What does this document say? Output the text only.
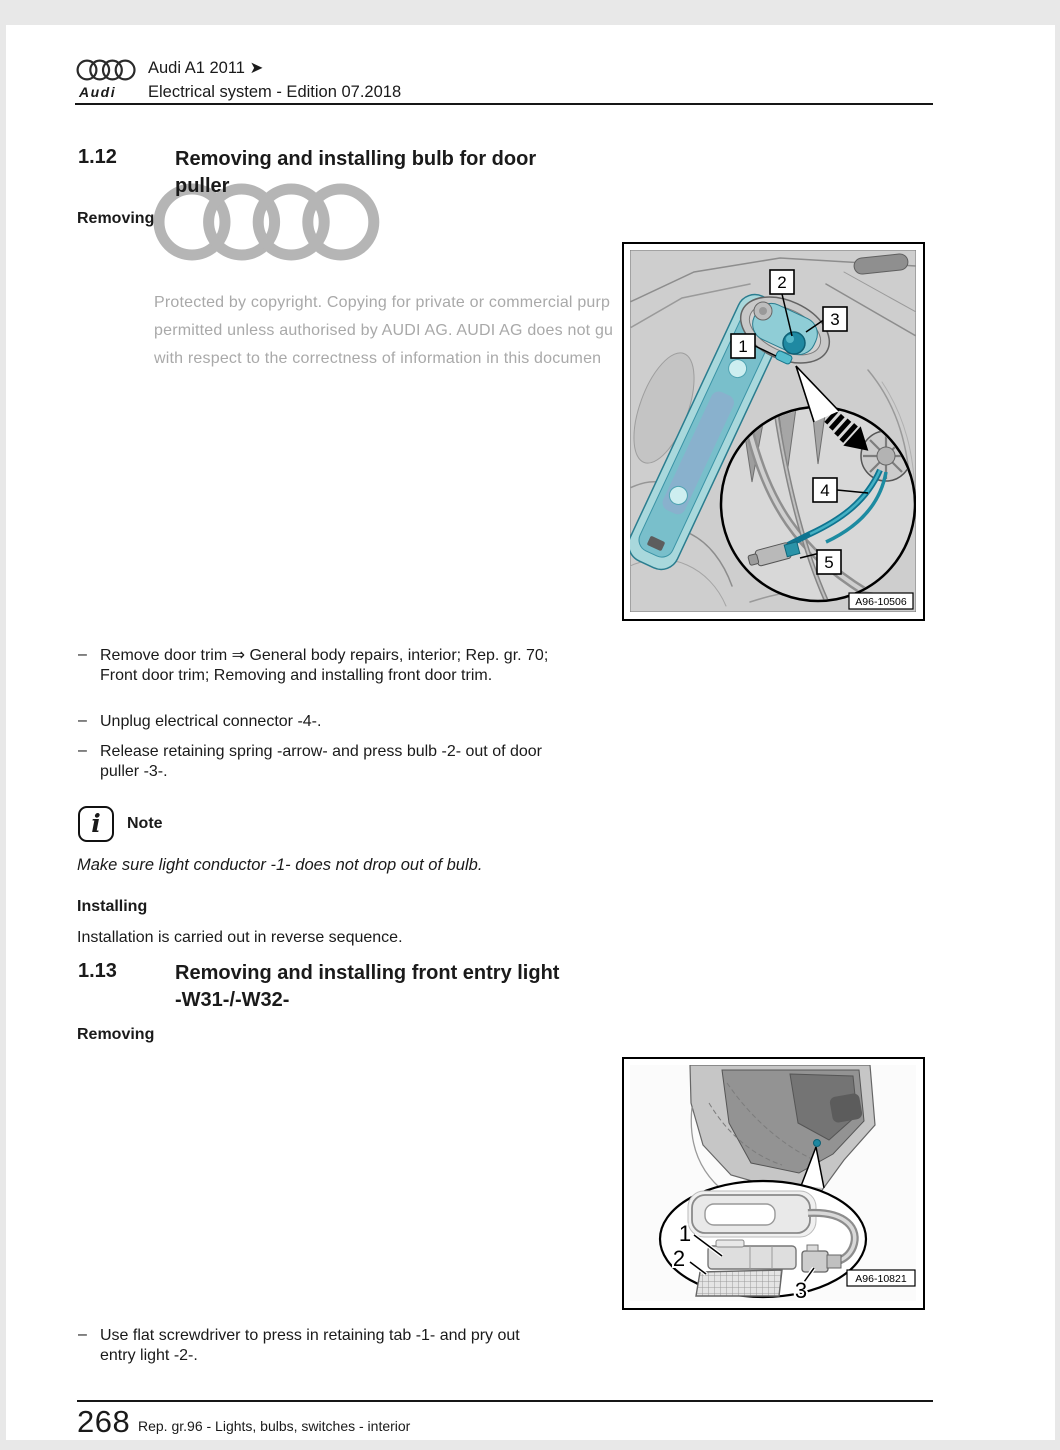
Audi
Audi A1 2011 ➤
Electrical system - Edition 07.2018
1.12	Removing and installing bulb for door puller
Removing
Protected by copyright. Copying for private or commercial purp
permitted unless authorised by AUDI AG. AUDI AG does not gu
with respect to the correctness of information in this documen
2
3
1
4
5
A96-10506
– Remove door trim ⇒ General body repairs, interior; Rep. gr. 70; Front door trim; Removing and installing front door trim.
– Unplug electrical connector -4-.
– Release retaining spring -arrow- and press bulb -2- out of door puller -3-.
i	Note
Make sure light conductor -1- does not drop out of bulb.
Installing
Installation is carried out in reverse sequence.
1.13	Removing and installing front entry light -W31-/-W32-
Removing
1
2
3	A96-10821
– Use flat screwdriver to press in retaining tab -1- and pry out entry light -2-.
268 Rep. gr.96 - Lights, bulbs, switches - interior
